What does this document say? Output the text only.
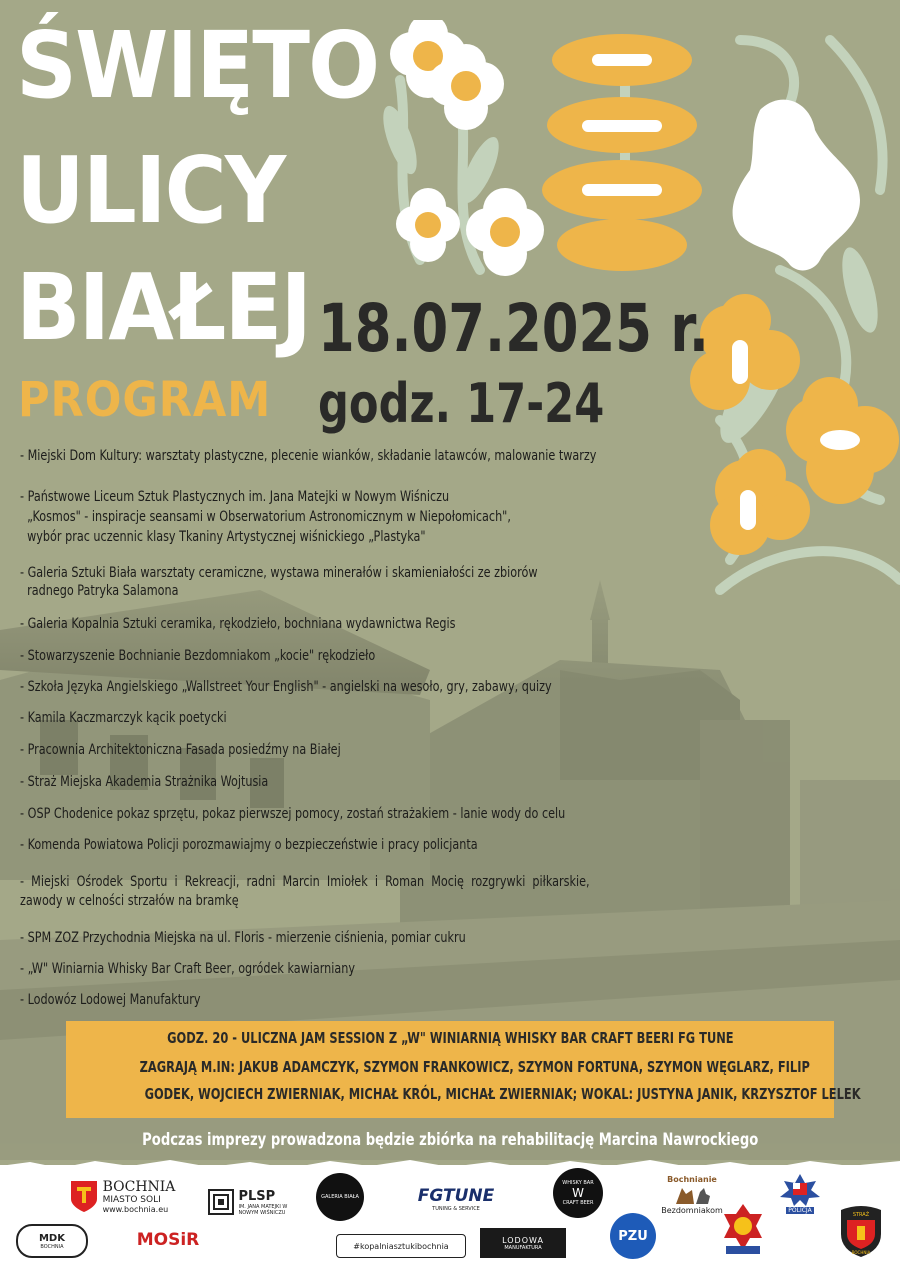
ŚWIĘTO
ULICY
BIAŁEJ
PROGRAM
18.07.2025 r.
godz. 17-24
- Miejski Dom Kultury: warsztaty plastyczne, plecenie wianków, składanie latawców, malowanie twarzy
- Państwowe Liceum Sztuk Plastycznych im. Jana Matejki w Nowym Wiśniczu
„Kosmos" - inspiracje seansami w Obserwatorium Astronomicznym w Niepołomicach",
wybór prac uczennic klasy Tkaniny Artystycznej wiśnickiego „Plastyka"
- Galeria Sztuki Biała warsztaty ceramiczne, wystawa minerałów i skamieniałości ze zbiorów
radnego Patryka Salamona
- Galeria Kopalnia Sztuki ceramika, rękodzieło, bochniana wydawnictwa Regis
- Stowarzyszenie Bochnianie Bezdomniakom „kocie" rękodzieło
- Szkoła Języka Angielskiego „Wallstreet Your English" - angielski na wesoło, gry, zabawy, quizy
- Kamila Kaczmarczyk kącik poetycki
- Pracownia Architektoniczna Fasada posiedźmy na Białej
- Straż Miejska Akademia Strażnika Wojtusia
- OSP Chodenice pokaz sprzętu, pokaz pierwszej pomocy, zostań strażakiem - lanie wody do celu
- Komenda Powiatowa Policji porozmawiajmy o bezpieczeństwie i pracy policjanta
-  Miejski  Ośrodek  Sportu  i  Rekreacji,  radni  Marcin  Imiołek  i  Roman  Mocię  rozgrywki  piłkarskie,
zawody w celności strzałów na bramkę
- SPM ZOZ Przychodnia Miejska na ul. Floris - mierzenie ciśnienia, pomiar cukru
- „W" Winiarnia Whisky Bar Craft Beer, ogródek kawiarniany
- Lodowóz Lodowej Manufaktury
GODZ. 20 - ULICZNA JAM SESSION Z „W" WINIARNIĄ WHISKY BAR CRAFT BEERI FG TUNE
ZAGRAJĄ M.IN: JAKUB ADAMCZYK, SZYMON FRANKOWICZ, SZYMON FORTUNA, SZYMON WĘGLARZ, FILIP
GODEK, WOJCIECH ZWIERNIAK, MICHAŁ KRÓL, MICHAŁ ZWIERNIAK; WOKAL: JUSTYNA JANIK, KRZYSZTOF LELEK
Podczas imprezy prowadzona będzie zbiórka na rehabilitację Marcina Nawrockiego
BOCHNIA
MIASTO SOLI
www.bochnia.eu
PLSP
IM. JANA MATEJKI W NOWYM WIŚNICZU
GALERIA BIAŁA	FGTUNE
TUNING & SERVICE
WHISKY BAR
W
CRAFT BEER
Bochnianie
Bezdomniakom	POLICJA
MDK
BOCHNIA	MOSiR	#kopalniasztukibochnia
LODOWA
MANUFAKTURA
PZU
STRAŻ
BOCHNIA
